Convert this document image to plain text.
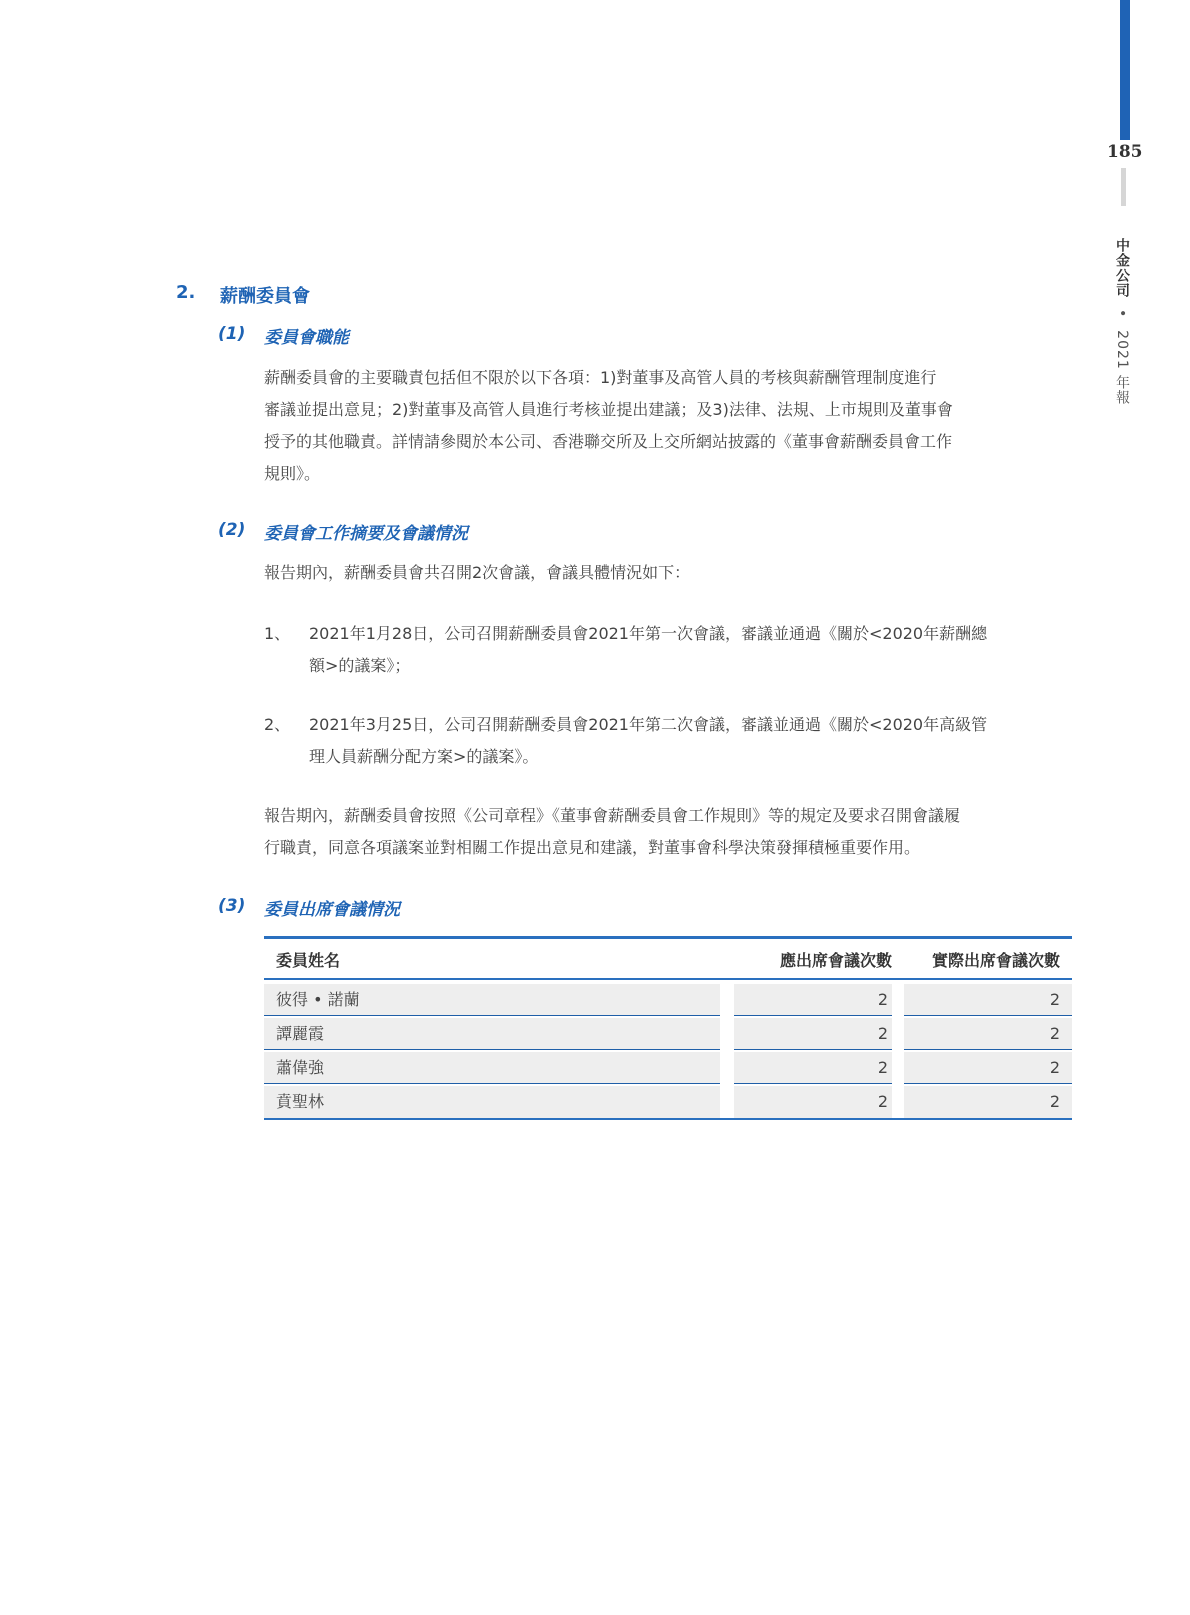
185
中金公司 • 2021 年報
2. 薪酬委員會
(1) 委員會職能
薪酬委員會的主要職責包括但不限於以下各項：1)對董事及高管人員的考核與薪酬管理制度進行
審議並提出意見；2)對董事及高管人員進行考核並提出建議；及3)法律、法規、上市規則及董事會
授予的其他職責。詳情請參閱於本公司、香港聯交所及上交所網站披露的《董事會薪酬委員會工作
規則》。
(2) 委員會工作摘要及會議情況
報告期內，薪酬委員會共召開2次會議，會議具體情況如下：
1、 2021年1月28日，公司召開薪酬委員會2021年第一次會議，審議並通過《關於<2020年薪酬總
額>的議案》；
2、 2021年3月25日，公司召開薪酬委員會2021年第二次會議，審議並通過《關於<2020年高級管
理人員薪酬分配方案>的議案》。
報告期內，薪酬委員會按照《公司章程》《董事會薪酬委員會工作規則》等的規定及要求召開會議履
行職責，同意各項議案並對相關工作提出意見和建議，對董事會科學決策發揮積極重要作用。
(3) 委員出席會議情況
委員姓名	應出席會議次數	實際出席會議次數
彼得 • 諾蘭	2	2
譚麗霞	2	2
蕭偉強	2	2
賁聖林	2	2
